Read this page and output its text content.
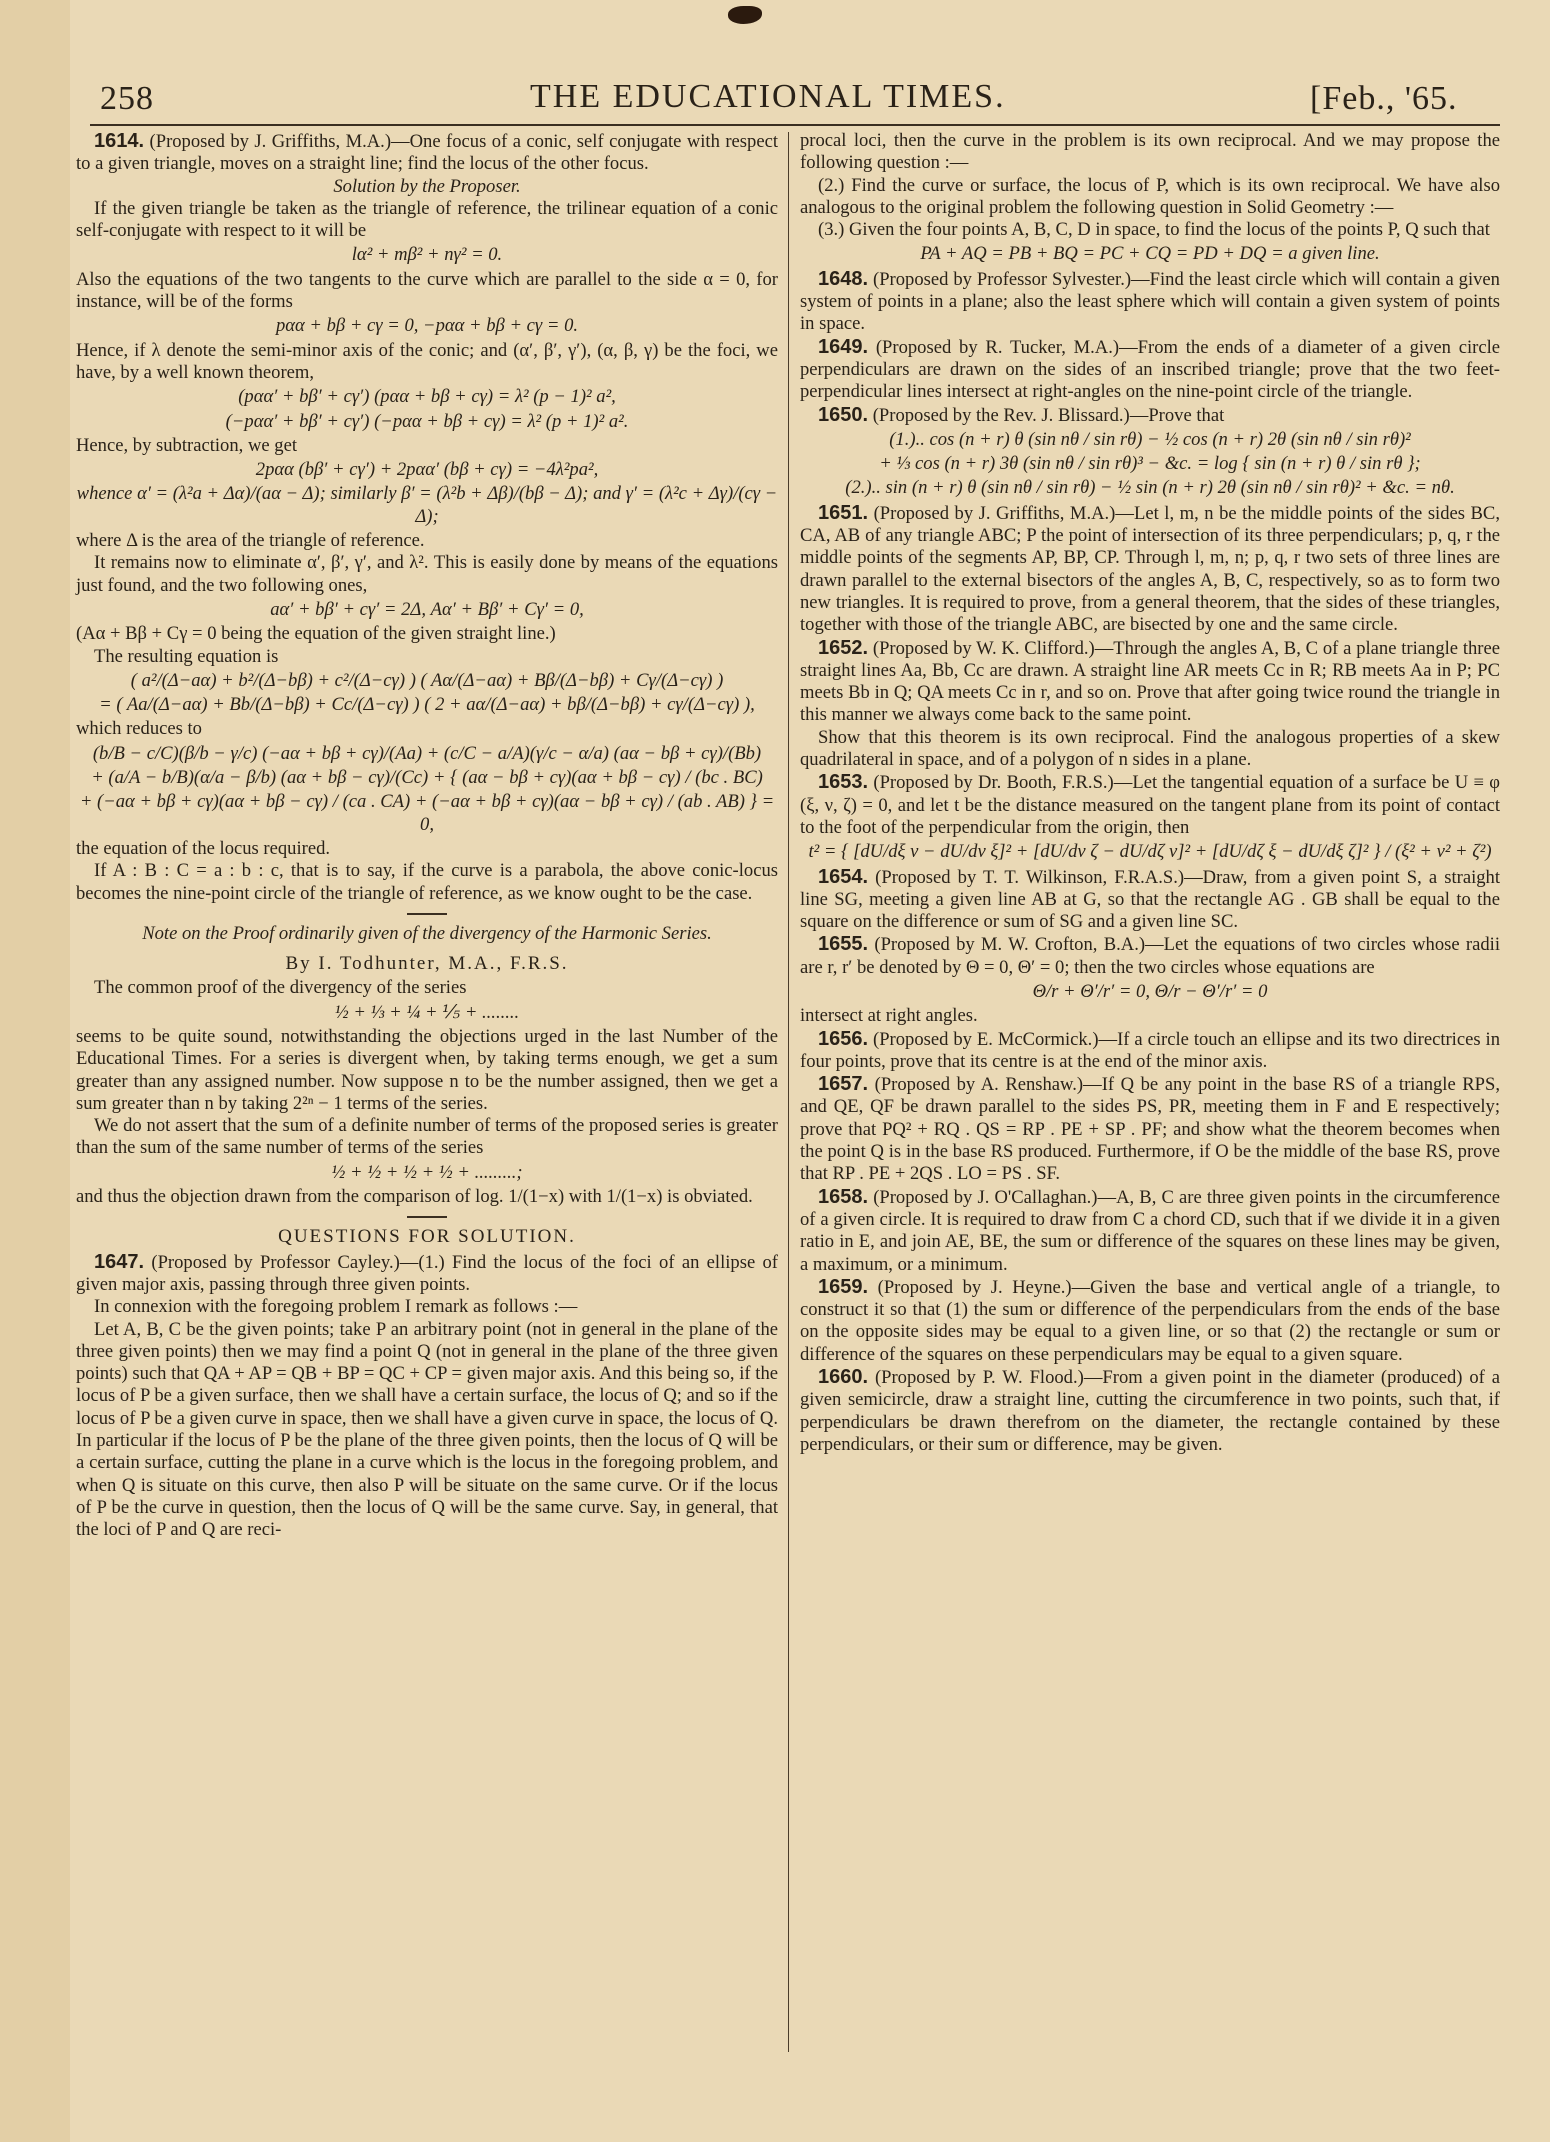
258	THE EDUCATIONAL TIMES.	[Feb., '65.

1614. (Proposed by J. Griffiths, M.A.)—One focus of a conic, self conjugate with respect to a given triangle, moves on a straight line; find the locus of the other focus.

Solution by the Proposer.

If the given triangle be taken as the triangle of reference, the trilinear equation of a conic self-conjugate with respect to it will be

lα² + mβ² + nγ² = 0.

Also the equations of the two tangents to the curve which are parallel to the side α = 0, for instance, will be of the forms

pαα + bβ + cγ = 0, −pαα + bβ + cγ = 0.

Hence, if λ denote the semi-minor axis of the conic; and (α′, β′, γ′), (α, β, γ) be the foci, we have, by a well known theorem,

(pαα′ + bβ′ + cγ′) (pαα + bβ + cγ) = λ² (p − 1)² a²,

(−pαα′ + bβ′ + cγ′) (−pαα + bβ + cγ) = λ² (p + 1)² a².

Hence, by subtraction, we get

2pαα (bβ′ + cγ′) + 2pαα′ (bβ + cγ) = −4λ²pa²,

whence α′ = (λ²a + Δα)/(aα − Δ); similarly β′ = (λ²b + Δβ)/(bβ − Δ); and γ′ = (λ²c + Δγ)/(cγ − Δ);

where Δ is the area of the triangle of reference.

It remains now to eliminate α′, β′, γ′, and λ². This is easily done by means of the equations just found, and the two following ones,

aα′ + bβ′ + cγ′ = 2Δ, Aα′ + Bβ′ + Cγ′ = 0,

(Aα + Bβ + Cγ = 0 being the equation of the given straight line.)

The resulting equation is

( a²/(Δ−aα) + b²/(Δ−bβ) + c²/(Δ−cγ) ) ( Aα/(Δ−aα) + Bβ/(Δ−bβ) + Cγ/(Δ−cγ) )

= ( Aa/(Δ−aα) + Bb/(Δ−bβ) + Cc/(Δ−cγ) ) ( 2 + aα/(Δ−aα) + bβ/(Δ−bβ) + cγ/(Δ−cγ) ),

which reduces to

(b/B − c/C)(β/b − γ/c) (−aα + bβ + cγ)/(Aa) + (c/C − a/A)(γ/c − α/a) (aα − bβ + cγ)/(Bb)

+ (a/A − b/B)(α/a − β/b) (aα + bβ − cγ)/(Cc) + { (aα − bβ + cγ)(aα + bβ − cγ) / (bc . BC)

+ (−aα + bβ + cγ)(aα + bβ − cγ) / (ca . CA) + (−aα + bβ + cγ)(aα − bβ + cγ) / (ab . AB) } = 0,

the equation of the locus required.

If A : B : C = a : b : c, that is to say, if the curve is a parabola, the above conic-locus becomes the nine-point circle of the triangle of reference, as we know ought to be the case.

Note on the Proof ordinarily given of the divergency of the Harmonic Series.

By I. Todhunter, M.A., F.R.S.

The common proof of the divergency of the series

½ + ⅓ + ¼ + ⅕ + ........

seems to be quite sound, notwithstanding the objections urged in the last Number of the Educational Times. For a series is divergent when, by taking terms enough, we get a sum greater than any assigned number. Now suppose n to be the number assigned, then we get a sum greater than n by taking 2²ⁿ − 1 terms of the series.

We do not assert that the sum of a definite number of terms of the proposed series is greater than the sum of the same number of terms of the series

½ + ½ + ½ + ½ + .........;

and thus the objection drawn from the comparison of log. 1/(1−x) with 1/(1−x) is obviated.

QUESTIONS FOR SOLUTION.

1647. (Proposed by Professor Cayley.)—(1.) Find the locus of the foci of an ellipse of given major axis, passing through three given points.

In connexion with the foregoing problem I remark as follows :—

Let A, B, C be the given points; take P an arbitrary point (not in general in the plane of the three given points) then we may find a point Q (not in general in the plane of the three given points) such that QA + AP = QB + BP = QC + CP = given major axis. And this being so, if the locus of P be a given surface, then we shall have a certain surface, the locus of Q; and so if the locus of P be a given curve in space, then we shall have a given curve in space, the locus of Q. In particular if the locus of P be the plane of the three given points, then the locus of Q will be a certain surface, cutting the plane in a curve which is the locus in the foregoing problem, and when Q is situate on this curve, then also P will be situate on the same curve. Or if the locus of P be the curve in question, then the locus of Q will be the same curve. Say, in general, that the loci of P and Q are reci-

procal loci, then the curve in the problem is its own reciprocal. And we may propose the following question :—

(2.) Find the curve or surface, the locus of P, which is its own reciprocal. We have also analogous to the original problem the following question in Solid Geometry :—

(3.) Given the four points A, B, C, D in space, to find the locus of the points P, Q such that

PA + AQ = PB + BQ = PC + CQ = PD + DQ = a given line.

1648. (Proposed by Professor Sylvester.)—Find the least circle which will contain a given system of points in a plane; also the least sphere which will contain a given system of points in space.

1649. (Proposed by R. Tucker, M.A.)—From the ends of a diameter of a given circle perpendiculars are drawn on the sides of an inscribed triangle; prove that the two feet-perpendicular lines intersect at right-angles on the nine-point circle of the triangle.

1650. (Proposed by the Rev. J. Blissard.)—Prove that

(1.).. cos (n + r) θ (sin nθ / sin rθ) − ½ cos (n + r) 2θ (sin nθ / sin rθ)²

+ ⅓ cos (n + r) 3θ (sin nθ / sin rθ)³ − &c. = log { sin (n + r) θ / sin rθ };

(2.).. sin (n + r) θ (sin nθ / sin rθ) − ½ sin (n + r) 2θ (sin nθ / sin rθ)² + &c. = nθ.

1651. (Proposed by J. Griffiths, M.A.)—Let l, m, n be the middle points of the sides BC, CA, AB of any triangle ABC; P the point of intersection of its three perpendiculars; p, q, r the middle points of the segments AP, BP, CP. Through l, m, n; p, q, r two sets of three lines are drawn parallel to the external bisectors of the angles A, B, C, respectively, so as to form two new triangles. It is required to prove, from a general theorem, that the sides of these triangles, together with those of the triangle ABC, are bisected by one and the same circle.

1652. (Proposed by W. K. Clifford.)—Through the angles A, B, C of a plane triangle three straight lines Aa, Bb, Cc are drawn. A straight line AR meets Cc in R; RB meets Aa in P; PC meets Bb in Q; QA meets Cc in r, and so on. Prove that after going twice round the triangle in this manner we always come back to the same point.

Show that this theorem is its own reciprocal. Find the analogous properties of a skew quadrilateral in space, and of a polygon of n sides in a plane.

1653. (Proposed by Dr. Booth, F.R.S.)—Let the tangential equation of a surface be U ≡ φ (ξ, ν, ζ) = 0, and let t be the distance measured on the tangent plane from its point of contact to the foot of the perpendicular from the origin, then

t² = { [dU/dξ ν − dU/dν ξ]² + [dU/dν ζ − dU/dζ ν]² + [dU/dζ ξ − dU/dξ ζ]² } / (ξ² + ν² + ζ²)

1654. (Proposed by T. T. Wilkinson, F.R.A.S.)—Draw, from a given point S, a straight line SG, meeting a given line AB at G, so that the rectangle AG . GB shall be equal to the square on the difference or sum of SG and a given line SC.

1655. (Proposed by M. W. Crofton, B.A.)—Let the equations of two circles whose radii are r, r′ be denoted by Θ = 0, Θ′ = 0; then the two circles whose equations are

Θ/r + Θ′/r′ = 0, Θ/r − Θ′/r′ = 0

intersect at right angles.

1656. (Proposed by E. McCormick.)—If a circle touch an ellipse and its two directrices in four points, prove that its centre is at the end of the minor axis.

1657. (Proposed by A. Renshaw.)—If Q be any point in the base RS of a triangle RPS, and QE, QF be drawn parallel to the sides PS, PR, meeting them in F and E respectively; prove that PQ² + RQ . QS = RP . PE + SP . PF; and show what the theorem becomes when the point Q is in the base RS produced. Furthermore, if O be the middle of the base RS, prove that RP . PE + 2QS . LO = PS . SF.

1658. (Proposed by J. O'Callaghan.)—A, B, C are three given points in the circumference of a given circle. It is required to draw from C a chord CD, such that if we divide it in a given ratio in E, and join AE, BE, the sum or difference of the squares on these lines may be given, a maximum, or a minimum.

1659. (Proposed by J. Heyne.)—Given the base and vertical angle of a triangle, to construct it so that (1) the sum or difference of the perpendiculars from the ends of the base on the opposite sides may be equal to a given line, or so that (2) the rectangle or sum or difference of the squares on these perpendiculars may be equal to a given square.

1660. (Proposed by P. W. Flood.)—From a given point in the diameter (produced) of a given semicircle, draw a straight line, cutting the circumference in two points, such that, if perpendiculars be drawn therefrom on the diameter, the rectangle contained by these perpendiculars, or their sum or difference, may be given.
